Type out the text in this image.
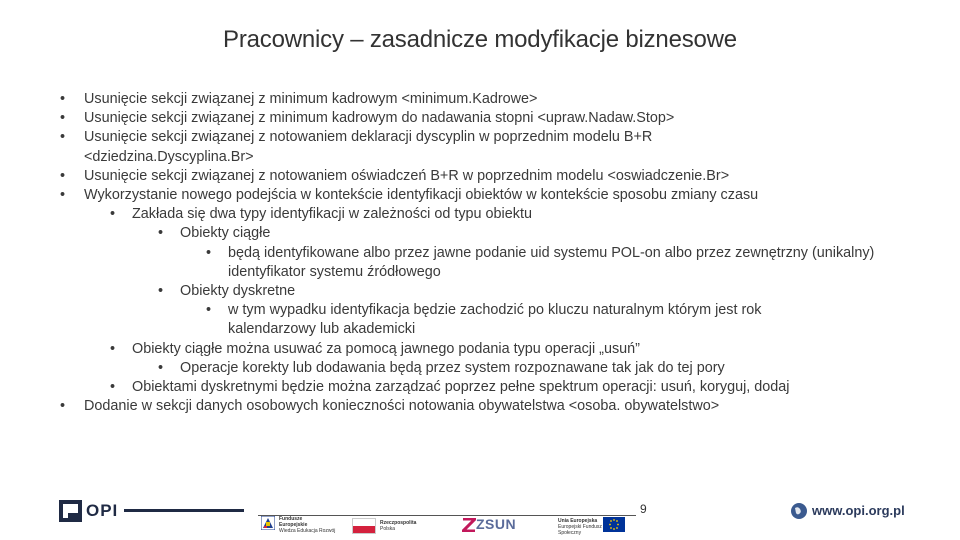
Pracownicy – zasadnicze modyfikacje biznesowe
• Usunięcie sekcji związanej z minimum kadrowym <minimum.Kadrowe>
• Usunięcie sekcji związanej z minimum kadrowym do nadawania stopni <upraw.Nadaw.Stop>
• Usunięcie sekcji związanej z notowaniem deklaracji dyscyplin w poprzednim modelu B+R <dziedzina.Dyscyplina.Br>
• Usunięcie sekcji związanej z notowaniem oświadczeń B+R w poprzednim modelu <oswiadczenie.Br>
• Wykorzystanie nowego podejścia w kontekście identyfikacji obiektów w kontekście sposobu zmiany czasu
• Zakłada się dwa typy identyfikacji w zależności od typu obiektu
• Obiekty ciągłe
• będą identyfikowane albo przez jawne podanie uid systemu POL-on albo przez zewnętrzny (unikalny) identyfikator systemu źródłowego
• Obiekty dyskretne
• w tym wypadku identyfikacja będzie zachodzić po kluczu naturalnym którym jest rok kalendarzowy lub akademicki
• Obiekty ciągłe można usuwać za pomocą jawnego podania typu operacji „usuń”
• Operacje korekty lub dodawania będą przez system rozpoznawane tak jak do tej pory
• Obiektami dyskretnymi będzie można zarządzać poprzez pełne spektrum operacji: usuń, koryguj, dodaj
• Dodanie w sekcji danych osobowych konieczności notowania obywatelstwa <osoba. obywatelstwo>
OPI	9
Fundusze
Europejskie
Wiedza Edukacja Rozwój
Rzeczpospolita
Polska	ZSUN	Unia Europejska
Europejski Fundusz
Społeczny
www.opi.org.pl
